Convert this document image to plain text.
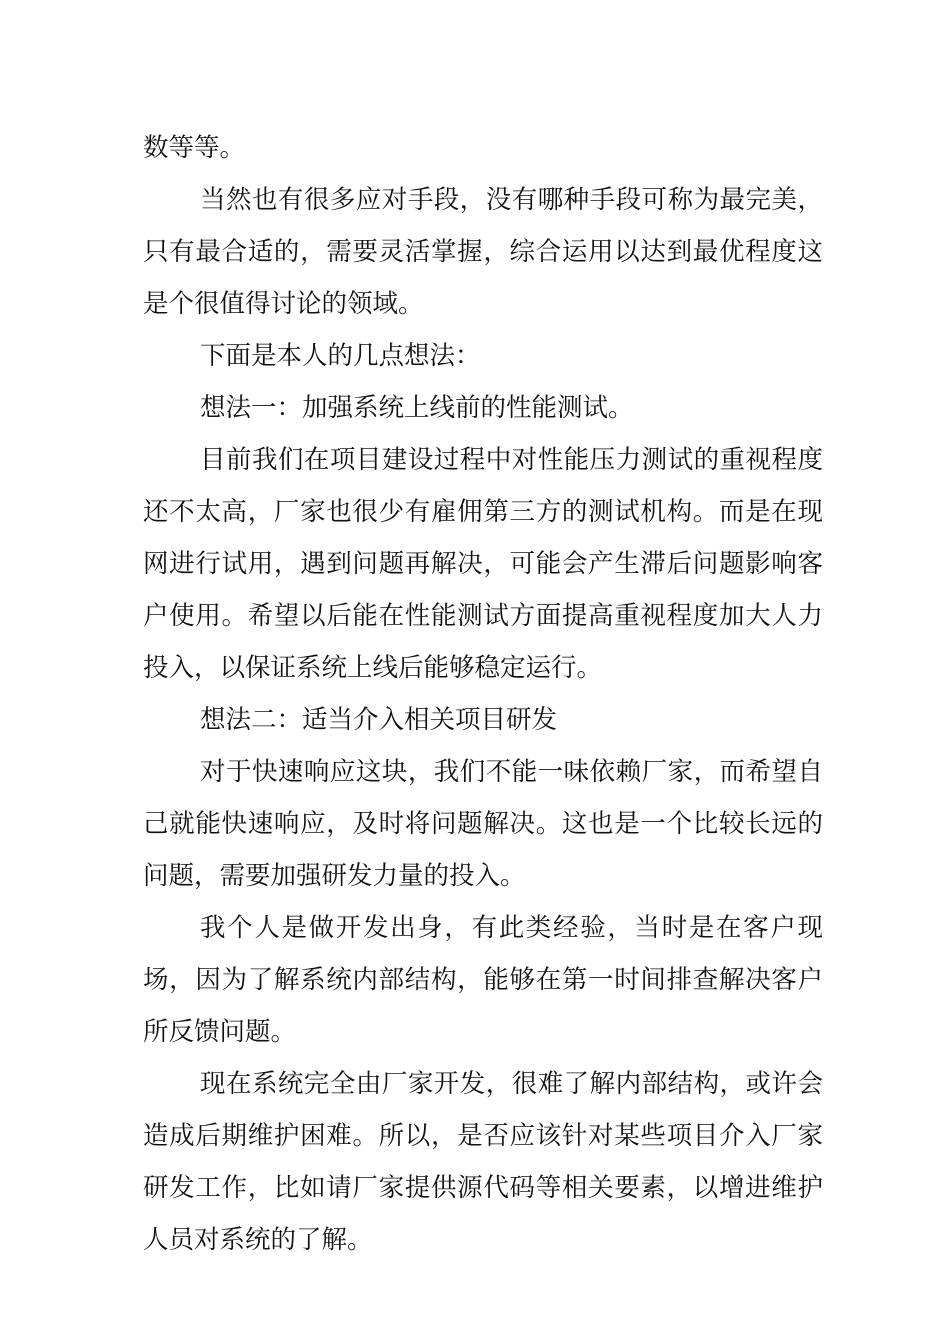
数等等。

当然也有很多应对手段，没有哪种手段可称为最完美，只有最合适的，需要灵活掌握，综合运用以达到最优程度这是个很值得讨论的领域。

下面是本人的几点想法：

想法一：加强系统上线前的性能测试。

目前我们在项目建设过程中对性能压力测试的重视程度还不太高，厂家也很少有雇佣第三方的测试机构。而是在现网进行试用，遇到问题再解决，可能会产生滞后问题影响客户使用。希望以后能在性能测试方面提高重视程度加大人力投入，以保证系统上线后能够稳定运行。

想法二：适当介入相关项目研发

对于快速响应这块，我们不能一味依赖厂家，而希望自己就能快速响应，及时将问题解决。这也是一个比较长远的问题，需要加强研发力量的投入。

我个人是做开发出身，有此类经验，当时是在客户现场，因为了解系统内部结构，能够在第一时间排查解决客户所反馈问题。

现在系统完全由厂家开发，很难了解内部结构，或许会造成后期维护困难。所以，是否应该针对某些项目介入厂家研发工作，比如请厂家提供源代码等相关要素，以增进维护人员对系统的了解。
